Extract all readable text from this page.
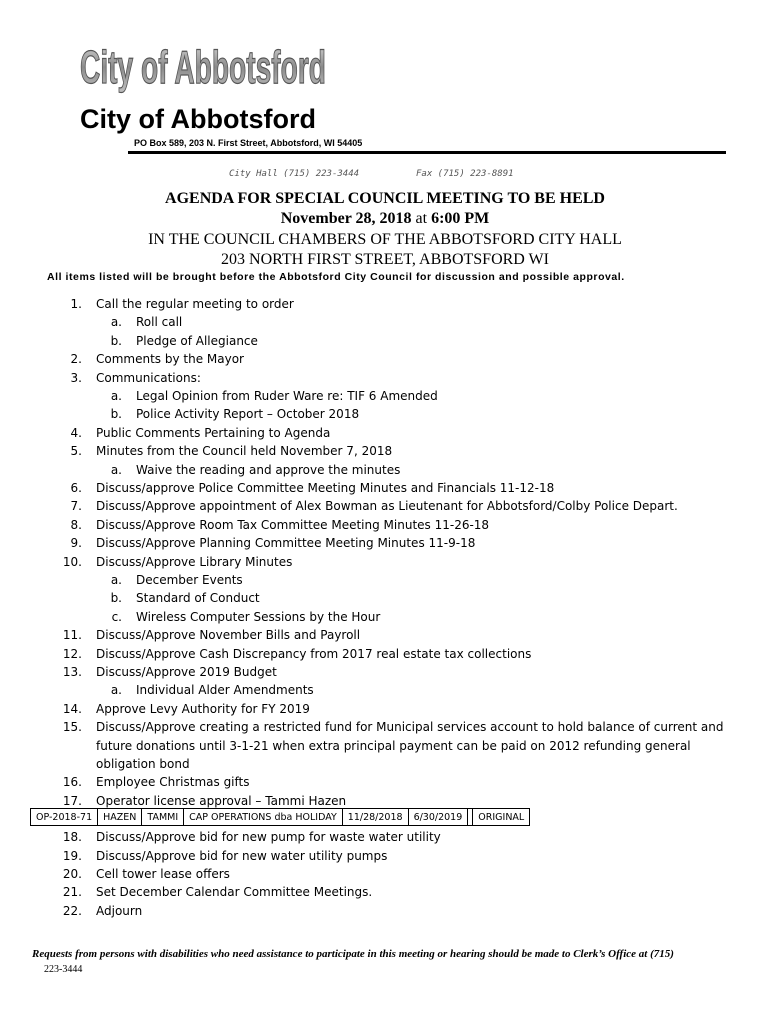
City of Abbotsford
City of Abbotsford
PO Box 589, 203 N. First Street, Abbotsford, WI 54405
City Hall (715) 223-3444	Fax (715) 223-8891
AGENDA FOR SPECIAL COUNCIL MEETING TO BE HELD
November 28, 2018 at 6:00 PM
IN THE COUNCIL CHAMBERS OF THE ABBOTSFORD CITY HALL
203 NORTH FIRST STREET, ABBOTSFORD WI
All items listed will be brought before the Abbotsford City Council for discussion and possible approval.
1. Call the regular meeting to order
a. Roll call
b. Pledge of Allegiance
2. Comments by the Mayor
3. Communications:
a. Legal Opinion from Ruder Ware re: TIF 6 Amended
b. Police Activity Report – October 2018
4. Public Comments Pertaining to Agenda
5. Minutes from the Council held November 7, 2018
a. Waive the reading and approve the minutes
6. Discuss/approve Police Committee Meeting Minutes and Financials 11-12-18
7. Discuss/Approve appointment of Alex Bowman as Lieutenant for Abbotsford/Colby Police Depart.
8. Discuss/Approve Room Tax Committee Meeting Minutes 11-26-18
9. Discuss/Approve Planning Committee Meeting Minutes 11-9-18
10. Discuss/Approve Library Minutes
a. December Events
b. Standard of Conduct
c. Wireless Computer Sessions by the Hour
11. Discuss/Approve November Bills and Payroll
12. Discuss/Approve Cash Discrepancy from 2017 real estate tax collections
13. Discuss/Approve 2019 Budget
a. Individual Alder Amendments
14. Approve Levy Authority for FY 2019
15. Discuss/Approve creating a restricted fund for Municipal services account to hold balance of current and
future donations until 3-1-21 when extra principal payment can be paid on 2012 refunding general
obligation bond
16. Employee Christmas gifts
17. Operator license approval – Tammi Hazen
18. Discuss/Approve bid for new pump for waste water utility
19. Discuss/Approve bid for new water utility pumps
20. Cell tower lease offers
21. Set December Calendar Committee Meetings.
22. Adjourn
OP-2018-71	HAZEN	TAMMI	CAP OPERATIONS dba HOLIDAY	11/28/2018	6/30/2019		ORIGINAL
Requests from persons with disabilities who need assistance to participate in this meeting or hearing should be made to Clerk’s Office at (715)
223-3444
